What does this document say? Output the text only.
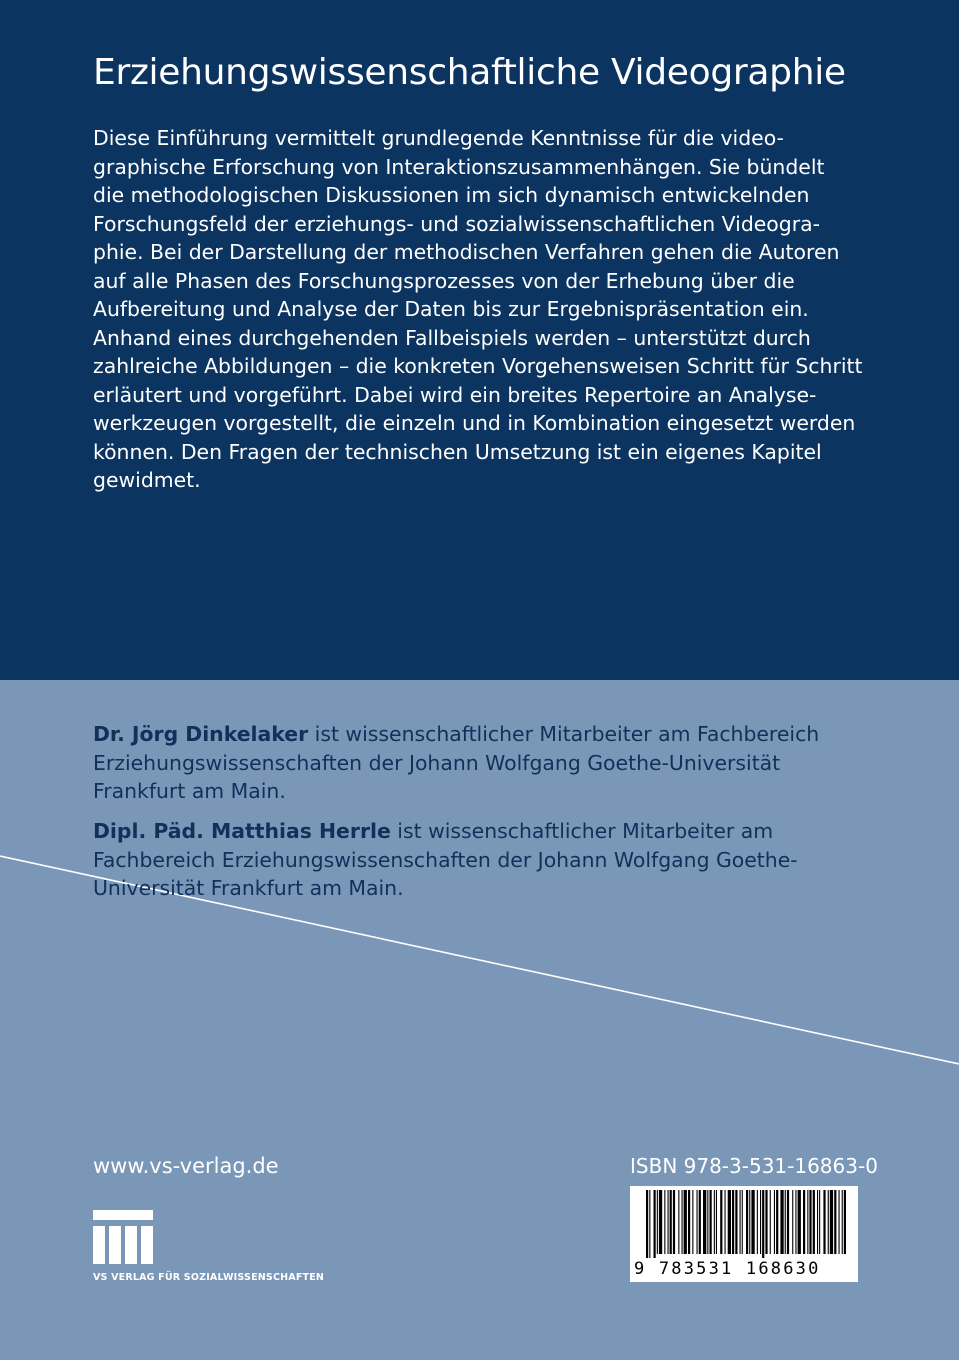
Erziehungswissenschaftliche Videographie
Diese Einführung vermittelt grundlegende Kenntnisse für die video-
graphische Erforschung von Interaktionszusammenhängen. Sie bündelt
die methodologischen Diskussionen im sich dynamisch entwickelnden
Forschungsfeld der erziehungs- und sozialwissenschaftlichen Videogra-
phie. Bei der Darstellung der methodischen Verfahren gehen die Autoren
auf alle Phasen des Forschungsprozesses von der Erhebung über die
Aufbereitung und Analyse der Daten bis zur Ergebnispräsentation ein.
Anhand eines durchgehenden Fallbeispiels werden – unterstützt durch
zahlreiche Abbildungen – die konkreten Vorgehensweisen Schritt für Schritt
erläutert und vorgeführt. Dabei wird ein breites Repertoire an Analyse-
werkzeugen vorgestellt, die einzeln und in Kombination eingesetzt werden
können. Den Fragen der technischen Umsetzung ist ein eigenes Kapitel
gewidmet.
Dr. Jörg Dinkelaker ist wissenschaftlicher Mitarbeiter am Fachbereich
Erziehungswissenschaften der Johann Wolfgang Goethe-Universität
Frankfurt am Main.
Dipl. Päd. Matthias Herrle ist wissenschaftlicher Mitarbeiter am
Fachbereich Erziehungswissenschaften der Johann Wolfgang Goethe-
Universität Frankfurt am Main.
www.vs-verlag.de
VS VERLAG FÜR SOZIALWISSENSCHAFTEN
ISBN 978-3-531-16863-0
9 783531 168630
